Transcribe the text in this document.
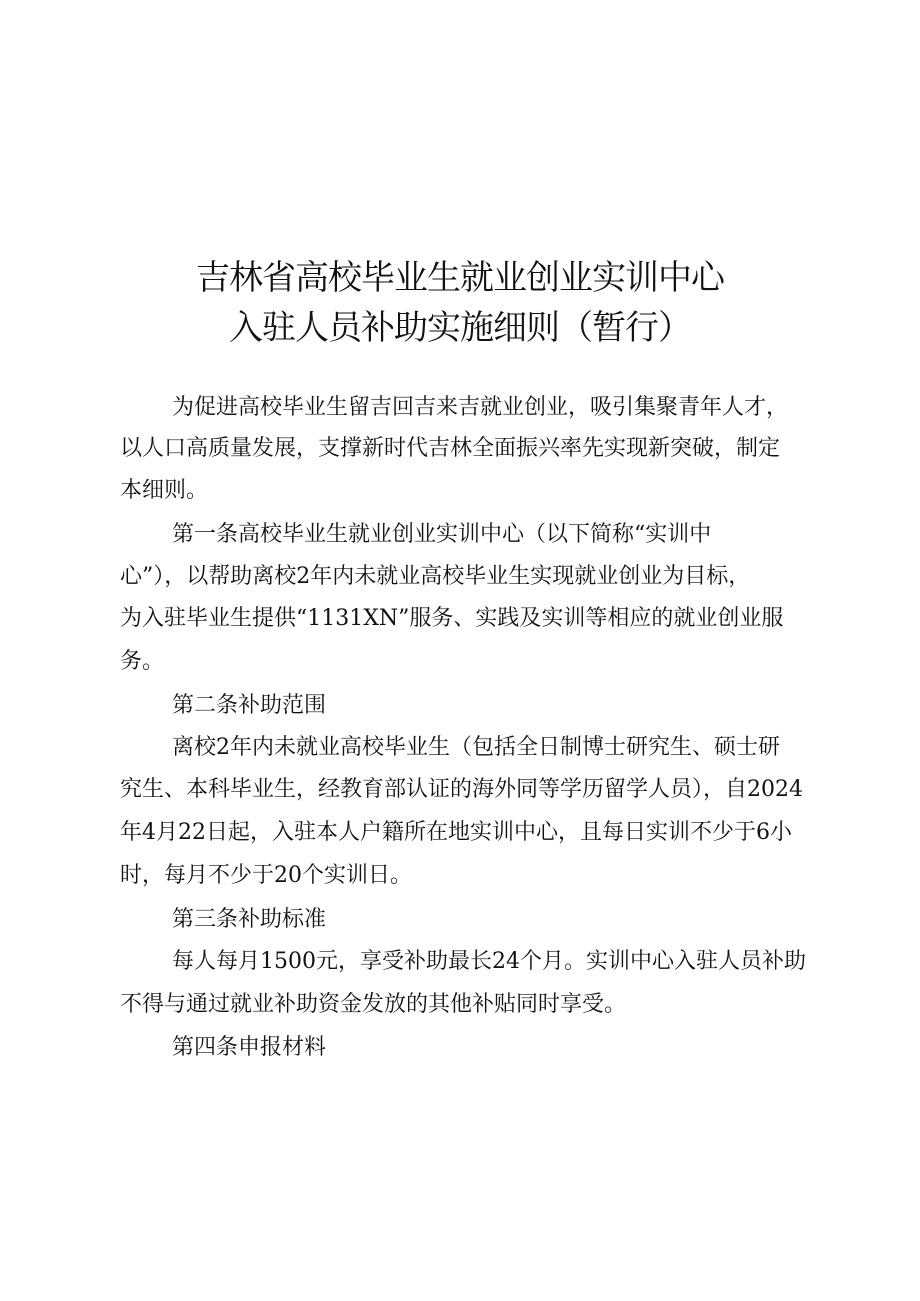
吉林省高校毕业生就业创业实训中心
入驻人员补助实施细则（暂行）
为促进高校毕业生留吉回吉来吉就业创业，吸引集聚青年人才，
以人口高质量发展，支撑新时代吉林全面振兴率先实现新突破，制定
本细则。
第一条高校毕业生就业创业实训中心（以下简称“实训中
心”），以帮助离校2年内未就业高校毕业生实现就业创业为目标，
为入驻毕业生提供“1131XN”服务、实践及实训等相应的就业创业服
务。
第二条补助范围
离校2年内未就业高校毕业生（包括全日制博士研究生、硕士研
究生、本科毕业生，经教育部认证的海外同等学历留学人员），自2024
年4月22日起，入驻本人户籍所在地实训中心，且每日实训不少于6小
时，每月不少于20个实训日。
第三条补助标准
每人每月1500元，享受补助最长24个月。实训中心入驻人员补助
不得与通过就业补助资金发放的其他补贴同时享受。
第四条申报材料
